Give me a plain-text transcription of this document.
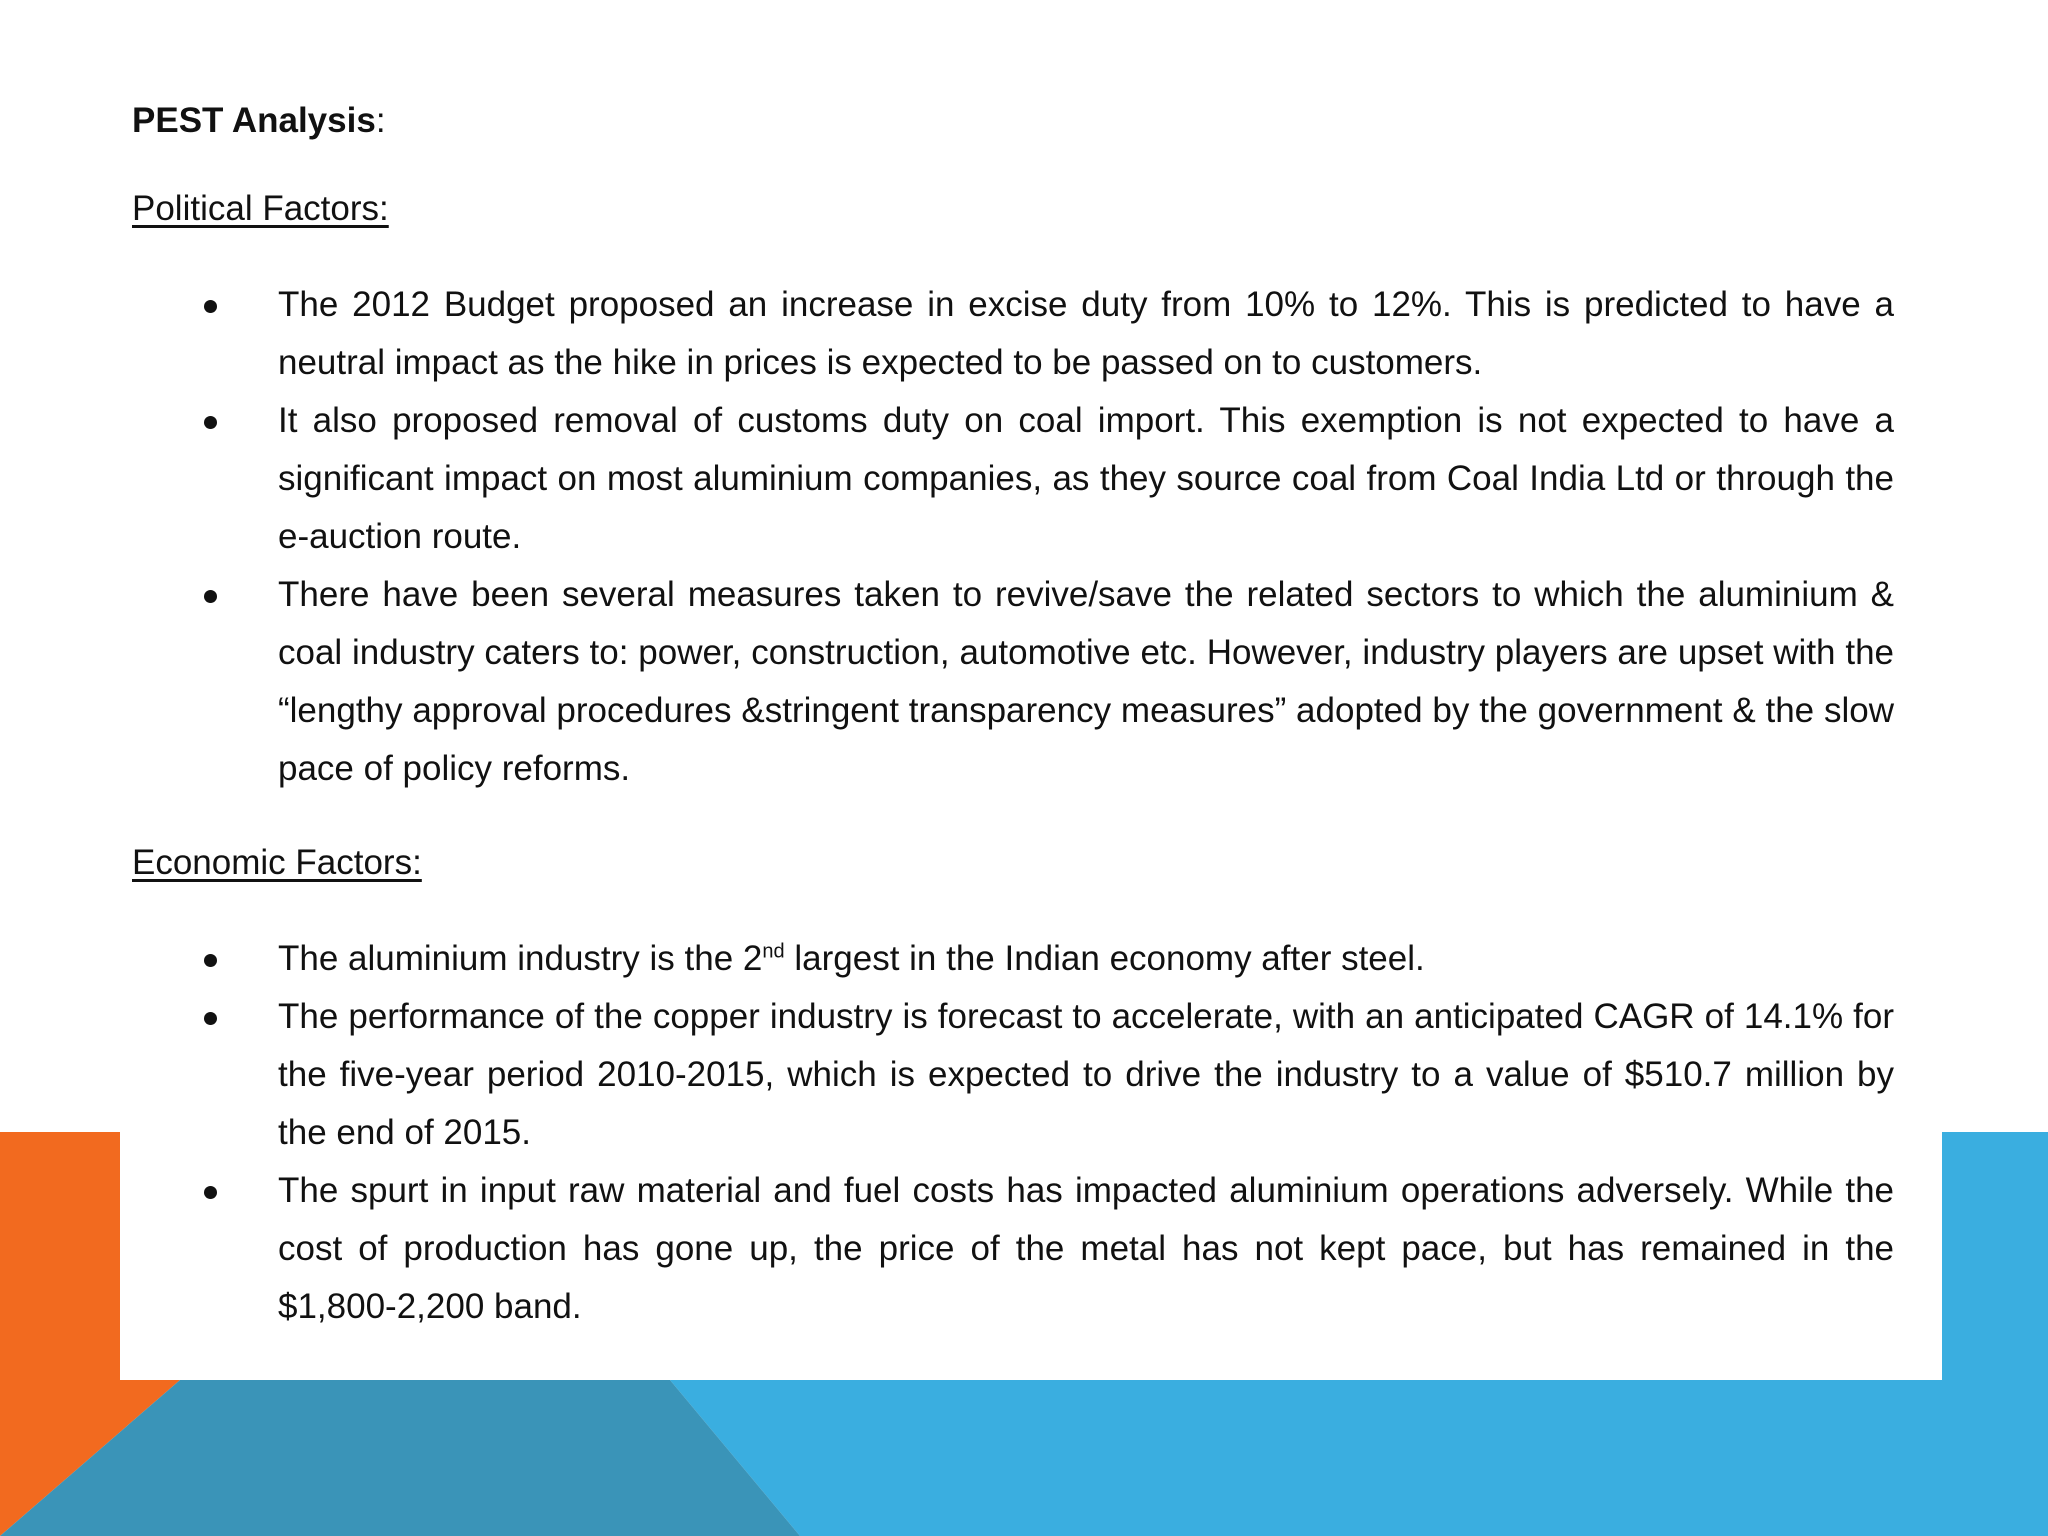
PEST Analysis:
Political Factors:
The 2012 Budget proposed an increase in excise duty from 10% to 12%. This is predicted to have a neutral impact as the hike in prices is expected to be passed on to customers.
It also proposed removal of customs duty on coal import. This exemption is not expected to have a significant impact on most aluminium companies, as they source coal from Coal India Ltd or through the e-auction route.
There have been several measures taken to revive/save the related sectors to which the aluminium & coal industry caters to: power, construction, automotive etc. However, industry players are upset with the “lengthy approval procedures &stringent transparency measures” adopted by the government & the slow pace of policy reforms.
Economic Factors:
The aluminium industry is the 2nd largest in the Indian economy after steel.
The performance of the copper industry is forecast to accelerate, with an anticipated CAGR of 14.1% for the five-year period 2010-2015, which is expected to drive the industry to a value of $510.7 million by the end of 2015.
The spurt in input raw material and fuel costs has impacted aluminium operations adversely. While the cost of production has gone up, the price of the metal has not kept pace, but has remained in the $1,800-2,200 band.
